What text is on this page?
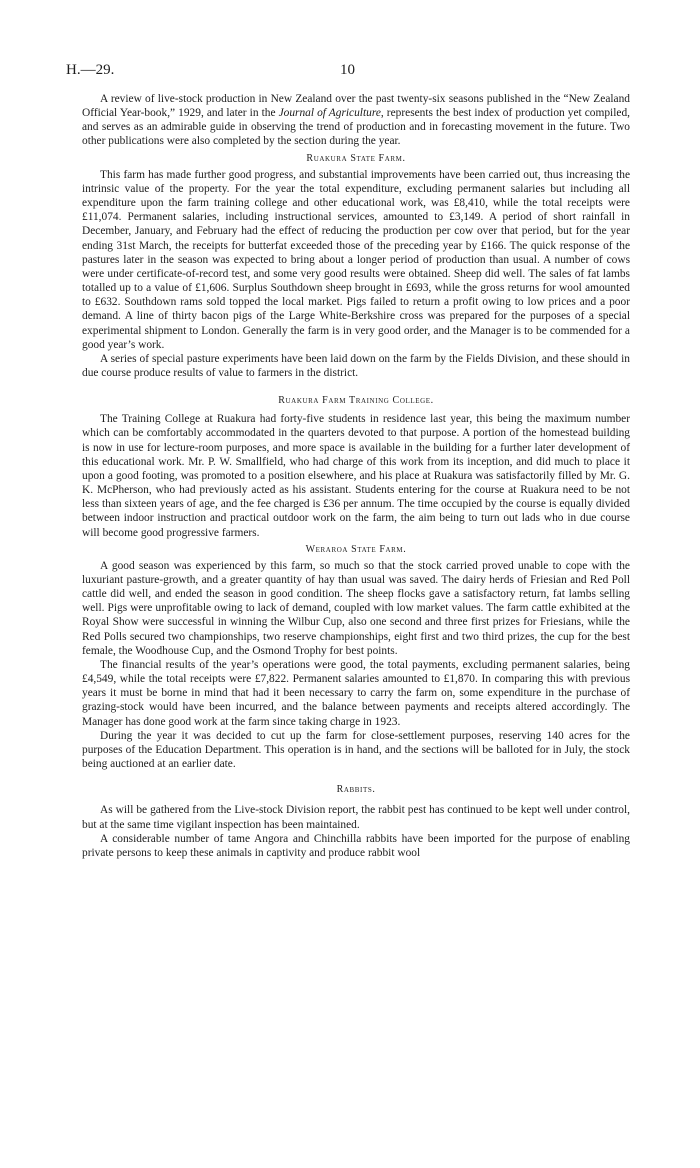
H.—29.	10

A review of live-stock production in New Zealand over the past twenty-six seasons published in the “New Zealand Official Year-book,” 1929, and later in the Journal of Agriculture, represents the best index of production yet compiled, and serves as an admirable guide in observing the trend of production and in forecasting movement in the future. Two other publications were also completed by the section during the year.

Ruakura State Farm.

This farm has made further good progress, and substantial improvements have been carried out, thus increasing the intrinsic value of the property. For the year the total expenditure, excluding permanent salaries but including all expenditure upon the farm training college and other educational work, was £8,410, while the total receipts were £11,074. Permanent salaries, including instructional services, amounted to £3,149. A period of short rainfall in December, January, and February had the effect of reducing the production per cow over that period, but for the year ending 31st March, the receipts for butterfat exceeded those of the preceding year by £166. The quick response of the pastures later in the season was expected to bring about a longer period of production than usual. A number of cows were under certificate-of-record test, and some very good results were obtained. Sheep did well. The sales of fat lambs totalled up to a value of £1,606. Surplus Southdown sheep brought in £693, while the gross returns for wool amounted to £632. Southdown rams sold topped the local market. Pigs failed to return a profit owing to low prices and a poor demand. A line of thirty bacon pigs of the Large White-Berkshire cross was prepared for the purposes of a special experimental shipment to London. Generally the farm is in very good order, and the Manager is to be commended for a good year’s work.

A series of special pasture experiments have been laid down on the farm by the Fields Division, and these should in due course produce results of value to farmers in the district.

Ruakura Farm Training College.

The Training College at Ruakura had forty-five students in residence last year, this being the maximum number which can be comfortably accommodated in the quarters devoted to that purpose. A portion of the homestead building is now in use for lecture-room purposes, and more space is available in the building for a further later development of this educational work. Mr. P. W. Smallfield, who had charge of this work from its inception, and did much to place it upon a good footing, was promoted to a position elsewhere, and his place at Ruakura was satisfactorily filled by Mr. G. K. McPherson, who had previously acted as his assistant. Students entering for the course at Ruakura need to be not less than sixteen years of age, and the fee charged is £36 per annum. The time occupied by the course is equally divided between indoor instruction and practical outdoor work on the farm, the aim being to turn out lads who in due course will become good progressive farmers.

Weraroa State Farm.

A good season was experienced by this farm, so much so that the stock carried proved unable to cope with the luxuriant pasture-growth, and a greater quantity of hay than usual was saved. The dairy herds of Friesian and Red Poll cattle did well, and ended the season in good condition. The sheep flocks gave a satisfactory return, fat lambs selling well. Pigs were unprofitable owing to lack of demand, coupled with low market values. The farm cattle exhibited at the Royal Show were successful in winning the Wilbur Cup, also one second and three first prizes for Friesians, while the Red Polls secured two championships, two reserve championships, eight first and two third prizes, the cup for the best female, the Woodhouse Cup, and the Osmond Trophy for best points.

The financial results of the year’s operations were good, the total payments, excluding permanent salaries, being £4,549, while the total receipts were £7,822. Permanent salaries amounted to £1,870. In comparing this with previous years it must be borne in mind that had it been necessary to carry the farm on, some expenditure in the purchase of grazing-stock would have been incurred, and the balance between payments and receipts altered accordingly. The Manager has done good work at the farm since taking charge in 1923.

During the year it was decided to cut up the farm for close-settlement purposes, reserving 140 acres for the purposes of the Education Department. This operation is in hand, and the sections will be balloted for in July, the stock being auctioned at an earlier date.

Rabbits.

As will be gathered from the Live-stock Division report, the rabbit pest has continued to be kept well under control, but at the same time vigilant inspection has been maintained.

A considerable number of tame Angora and Chinchilla rabbits have been imported for the purpose of enabling private persons to keep these animals in captivity and produce rabbit wool
